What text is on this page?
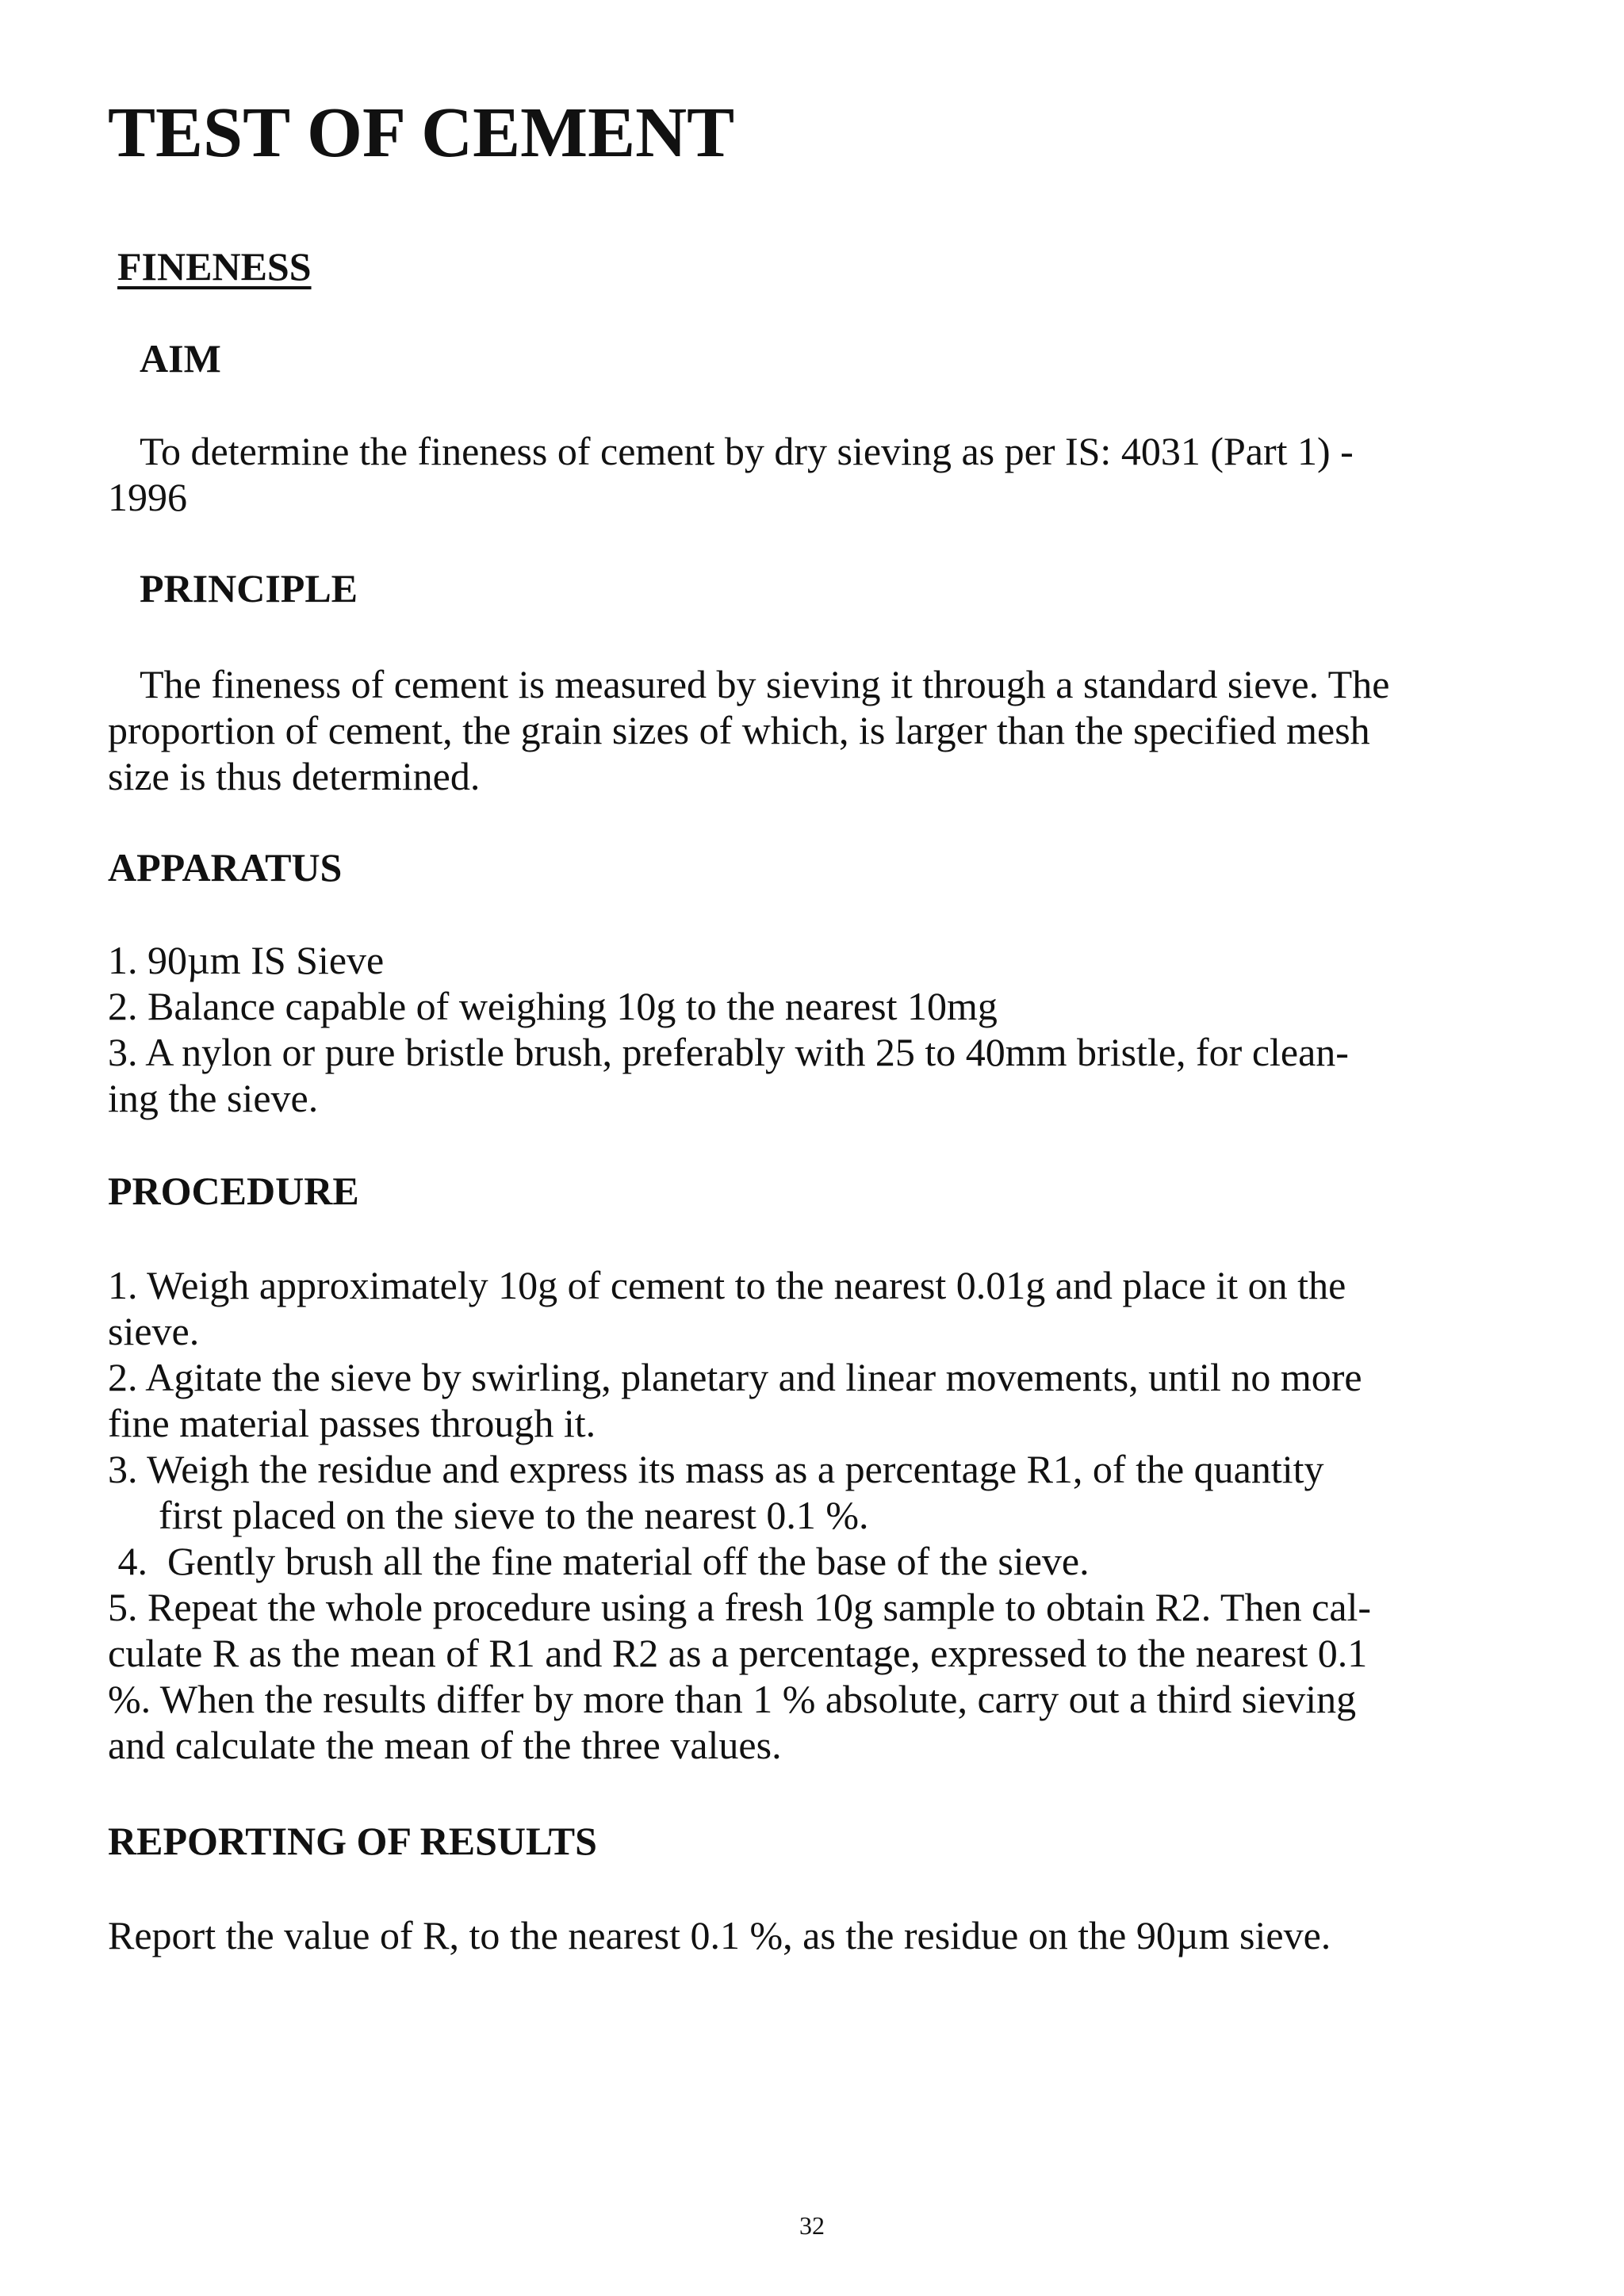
TEST OF CEMENT
FINENESS
AIM
To determine the fineness of cement by dry sieving as per IS: 4031 (Part 1) -
1996
PRINCIPLE
The fineness of cement is measured by sieving it through a standard sieve. The
proportion of cement, the grain sizes of which, is larger than the specified mesh
size is thus determined.
APPARATUS
1. 90µm IS Sieve
2. Balance capable of weighing 10g to the nearest 10mg
3. A nylon or pure bristle brush, preferably with 25 to 40mm bristle, for clean-
ing the sieve.
PROCEDURE
1. Weigh approximately 10g of cement to the nearest 0.01g and place it on the
sieve.
2. Agitate the sieve by swirling, planetary and linear movements, until no more
fine material passes through it.
3. Weigh the residue and express its mass as a percentage R1, of the quantity
first placed on the sieve to the nearest 0.1 %.
4.  Gently brush all the fine material off the base of the sieve.
5. Repeat the whole procedure using a fresh 10g sample to obtain R2. Then cal-
culate R as the mean of R1 and R2 as a percentage, expressed to the nearest 0.1
%. When the results differ by more than 1 % absolute, carry out a third sieving
and calculate the mean of the three values.
REPORTING OF RESULTS
Report the value of R, to the nearest 0.1 %, as the residue on the 90µm sieve.
32
